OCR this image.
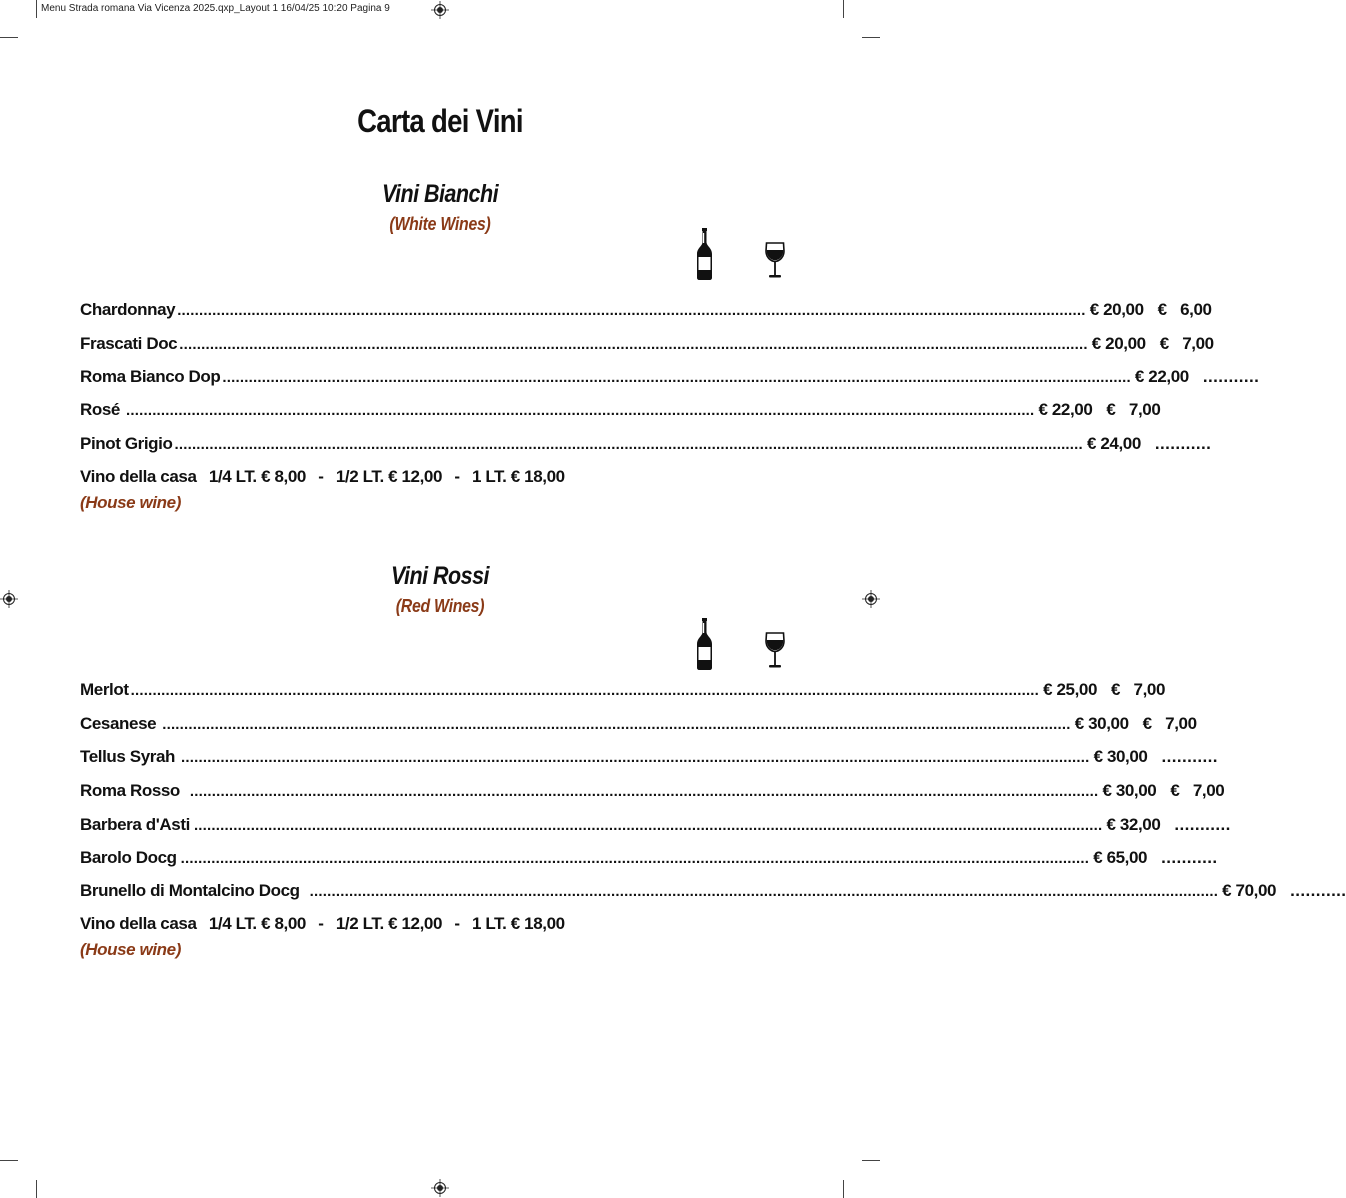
Menu Strada romana Via Vicenza 2025.qxp_Layout 1 16/04/25 10:20 Pagina 9
Carta dei Vini
Vini Bianchi
(White Wines)
Chardonnay ................................................................................................................................................................................................................ € 20,00 € 6,00
Frascati Doc ................................................................................................................................................................................................................ € 20,00 € 7,00
Roma Bianco Dop ................................................................................................................................................................................................................ € 22,00 ...........
Rosé ................................................................................................................................................................................................................ € 22,00 € 7,00
Pinot Grigio ................................................................................................................................................................................................................ € 24,00 ...........
Vino della casa 1/4 LT. € 8,00 - 1/2 LT. € 12,00 - 1 LT. € 18,00
(House wine)
Vini Rossi
(Red Wines)
Merlot ................................................................................................................................................................................................................ € 25,00 € 7,00
Cesanese ................................................................................................................................................................................................................ € 30,00 € 7,00
Tellus Syrah ................................................................................................................................................................................................................ € 30,00 ...........
Roma Rosso ................................................................................................................................................................................................................ € 30,00 € 7,00
Barbera d'Asti ................................................................................................................................................................................................................ € 32,00 ...........
Barolo Docg ................................................................................................................................................................................................................ € 65,00 ...........
Brunello di Montalcino Docg ................................................................................................................................................................................................................ € 70,00 ...........
Vino della casa 1/4 LT. € 8,00 - 1/2 LT. € 12,00 - 1 LT. € 18,00
(House wine)
